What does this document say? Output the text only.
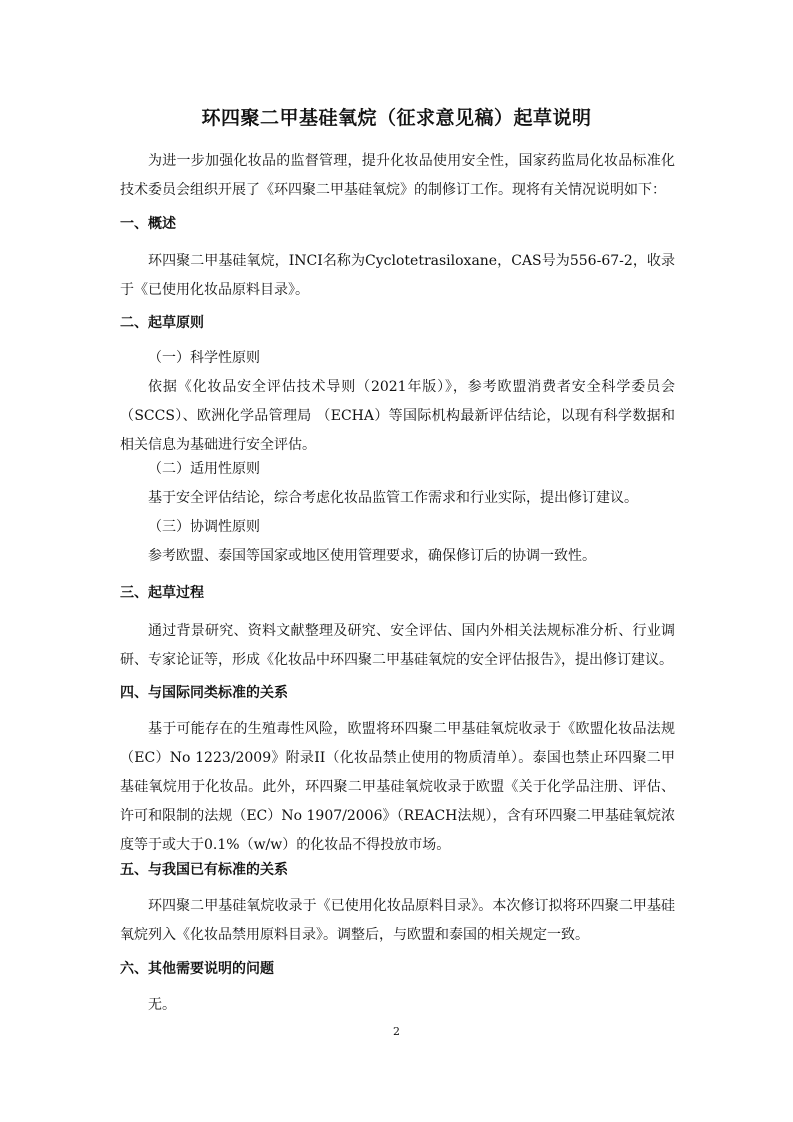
环四聚二甲基硅氧烷（征求意见稿）起草说明
为进一步加强化妆品的监督管理，提升化妆品使用安全性，国家药监局化妆品标准化技术委员会组织开展了《环四聚二甲基硅氧烷》的制修订工作。现将有关情况说明如下：
一、概述
环四聚二甲基硅氧烷，INCI名称为Cyclotetrasiloxane，CAS号为556-67-2，收录于《已使用化妆品原料目录》。
二、起草原则
（一）科学性原则
依据《化妆品安全评估技术导则（2021年版）》，参考欧盟消费者安全科学委员会（SCCS）、欧洲化学品管理局 （ECHA）等国际机构最新评估结论，以现有科学数据和相关信息为基础进行安全评估。
（二）适用性原则
基于安全评估结论，综合考虑化妆品监管工作需求和行业实际，提出修订建议。
（三）协调性原则
参考欧盟、泰国等国家或地区使用管理要求，确保修订后的协调一致性。
三、起草过程
通过背景研究、资料文献整理及研究、安全评估、国内外相关法规标准分析、行业调研、专家论证等，形成《化妆品中环四聚二甲基硅氧烷的安全评估报告》，提出修订建议。
四、与国际同类标准的关系
基于可能存在的生殖毒性风险，欧盟将环四聚二甲基硅氧烷收录于《欧盟化妆品法规（EC）No 1223/2009》附录II（化妆品禁止使用的物质清单）。泰国也禁止环四聚二甲基硅氧烷用于化妆品。此外，环四聚二甲基硅氧烷收录于欧盟《关于化学品注册、评估、许可和限制的法规（EC）No 1907/2006》（REACH法规），含有环四聚二甲基硅氧烷浓度等于或大于0.1%（w/w）的化妆品不得投放市场。
五、与我国已有标准的关系
环四聚二甲基硅氧烷收录于《已使用化妆品原料目录》。本次修订拟将环四聚二甲基硅氧烷列入《化妆品禁用原料目录》。调整后，与欧盟和泰国的相关规定一致。
六、其他需要说明的问题
无。
2
